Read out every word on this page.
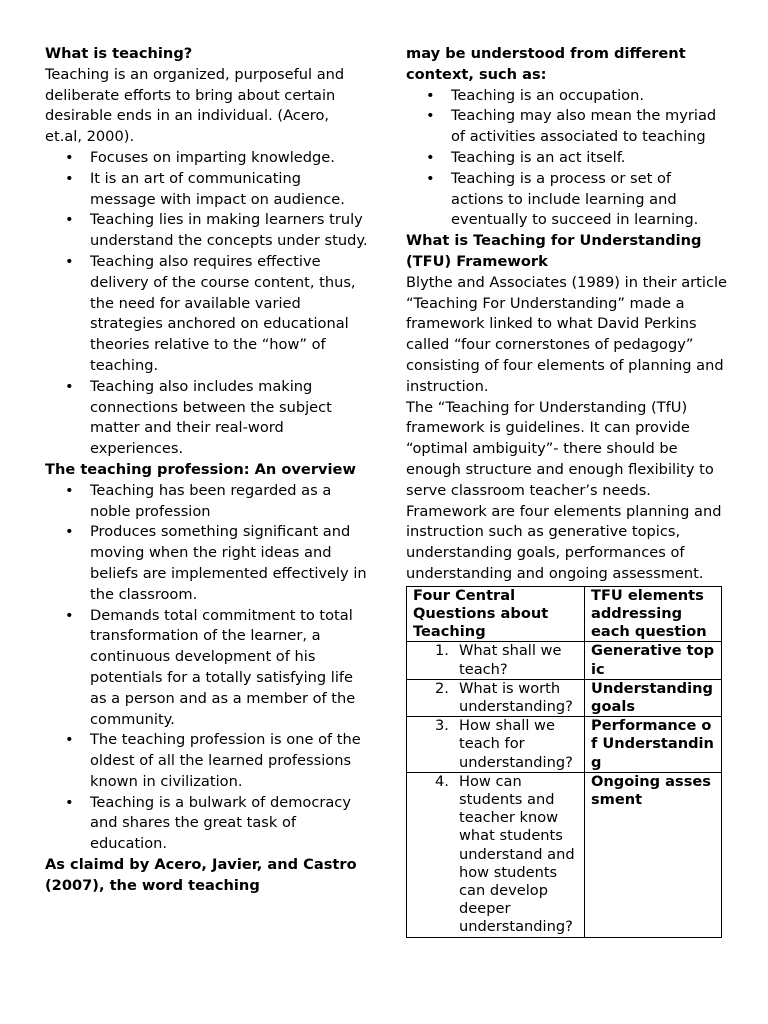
What is teaching?

Teaching is an organized, purposeful and deliberate efforts to bring about certain desirable ends in an individual. (Acero, et.al, 2000).

• Focuses on imparting knowledge.
• It is an art of communicating message with impact on audience.
• Teaching lies in making learners truly understand the concepts under study.
• Teaching also requires effective delivery of the course content, thus, the need for available varied strategies anchored on educational theories relative to the “how” of teaching.
• Teaching also includes making connections between the subject matter and their real-word experiences.

The teaching profession: An overview

• Teaching has been regarded as a noble profession
• Produces something significant and moving when the right ideas and beliefs are implemented effectively in the classroom.
• Demands total commitment to total transformation of the learner, a continuous development of his potentials for a totally satisfying life as a person and as a member of the community.
• The teaching profession is one of the oldest of all the learned professions known in civilization.
• Teaching is a bulwark of democracy and shares the great task of education.

As claimd by Acero, Javier, and Castro (2007), the word teaching

may be understood from different context, such as:

• Teaching is an occupation.
• Teaching may also mean the myriad of activities associated to teaching
• Teaching is an act itself.
• Teaching is a process or set of actions to include learning and eventually to succeed in learning.

What is Teaching for Understanding (TFU) Framework

Blythe and Associates (1989) in their article “Teaching For Understanding” made a framework linked to what David Perkins called “four cornerstones of pedagogy” consisting of four elements of planning and instruction.

The “Teaching for Understanding (TfU) framework is guidelines. It can provide “optimal ambiguity”- there should be enough structure and enough flexibility to serve classroom teacher’s needs. Framework are four elements planning and instruction such as generative topics, understanding goals, performances of understanding and ongoing assessment.

Four Central Questions about Teaching	TFU elements addressing each question

1. What shall we teach?	Generative topic

2. What is worth understanding?	Understanding goals

3. How shall we teach for understanding?	Performance of Understanding

4. How can students and teacher know what students understand and how students can develop deeper understanding?	Ongoing assessment
